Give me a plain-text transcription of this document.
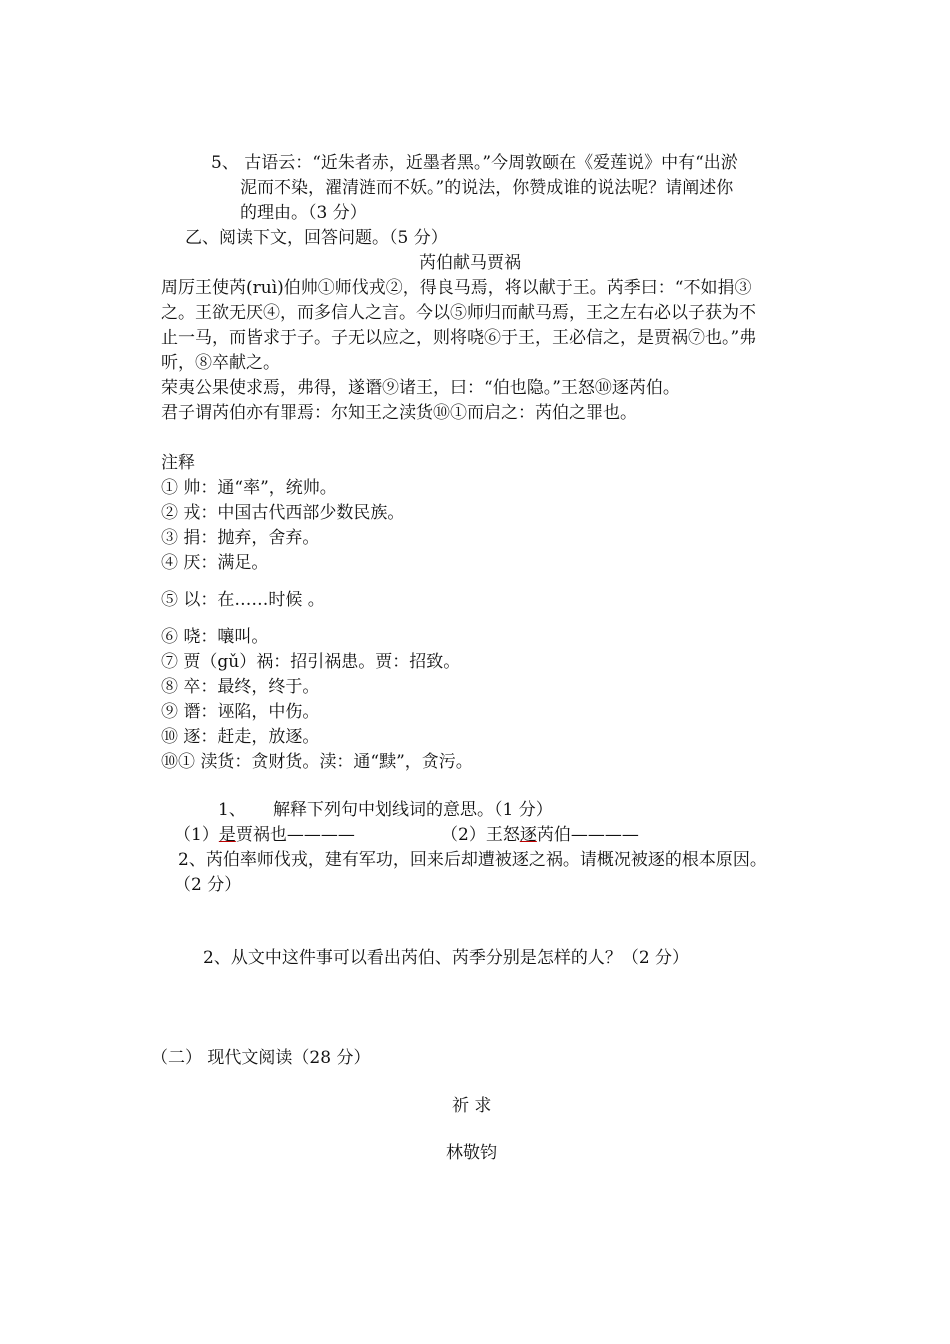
5、 古语云：“近朱者赤，近墨者黑。”今周敦颐在《爱莲说》中有“出淤
泥而不染，濯清涟而不妖。”的说法，你赞成谁的说法呢？请阐述你
的理由。（3 分）
乙、阅读下文，回答问题。（5 分）
芮伯献马贾祸
周厉王使芮(ruì)伯帅①师伐戎②，得良马焉，将以献于王。芮季曰：“不如捐③
之。王欲无厌④，而多信人之言。今以⑤师归而献马焉，王之左右必以子获为不
止一马，而皆求于子。子无以应之，则将哓⑥于王，王必信之，是贾祸⑦也。”弗
听，⑧卒献之。
荣夷公果使求焉，弗得，遂谮⑨诸王，曰：“伯也隐。”王怒⑩逐芮伯。
君子谓芮伯亦有罪焉：尔知王之渎货⑩①而启之：芮伯之罪也。
注释
① 帅：通“率”，统帅。
② 戎：中国古代西部少数民族。
③ 捐：抛弃，舍弃。
④ 厌：满足。
⑤ 以：在……时候 。
⑥ 哓：嚷叫。
⑦ 贾（gǔ）祸：招引祸患。贾：招致。
⑧ 卒：最终，终于。
⑨ 谮：诬陷，中伤。
⑩ 逐：赶走，放逐。
⑩① 渎货：贪财货。渎：通“黩”，贪污。
1、 解释下列句中划线词的意思。（1 分）
（1）是贾祸也————	（2）王怒逐芮伯————
2、芮伯率师伐戎，建有军功，回来后却遭被逐之祸。请概况被逐的根本原因。
（2 分）
2、从文中这件事可以看出芮伯、芮季分别是怎样的人？（2 分）
（二） 现代文阅读（28 分）
祈 求
林敬钧
